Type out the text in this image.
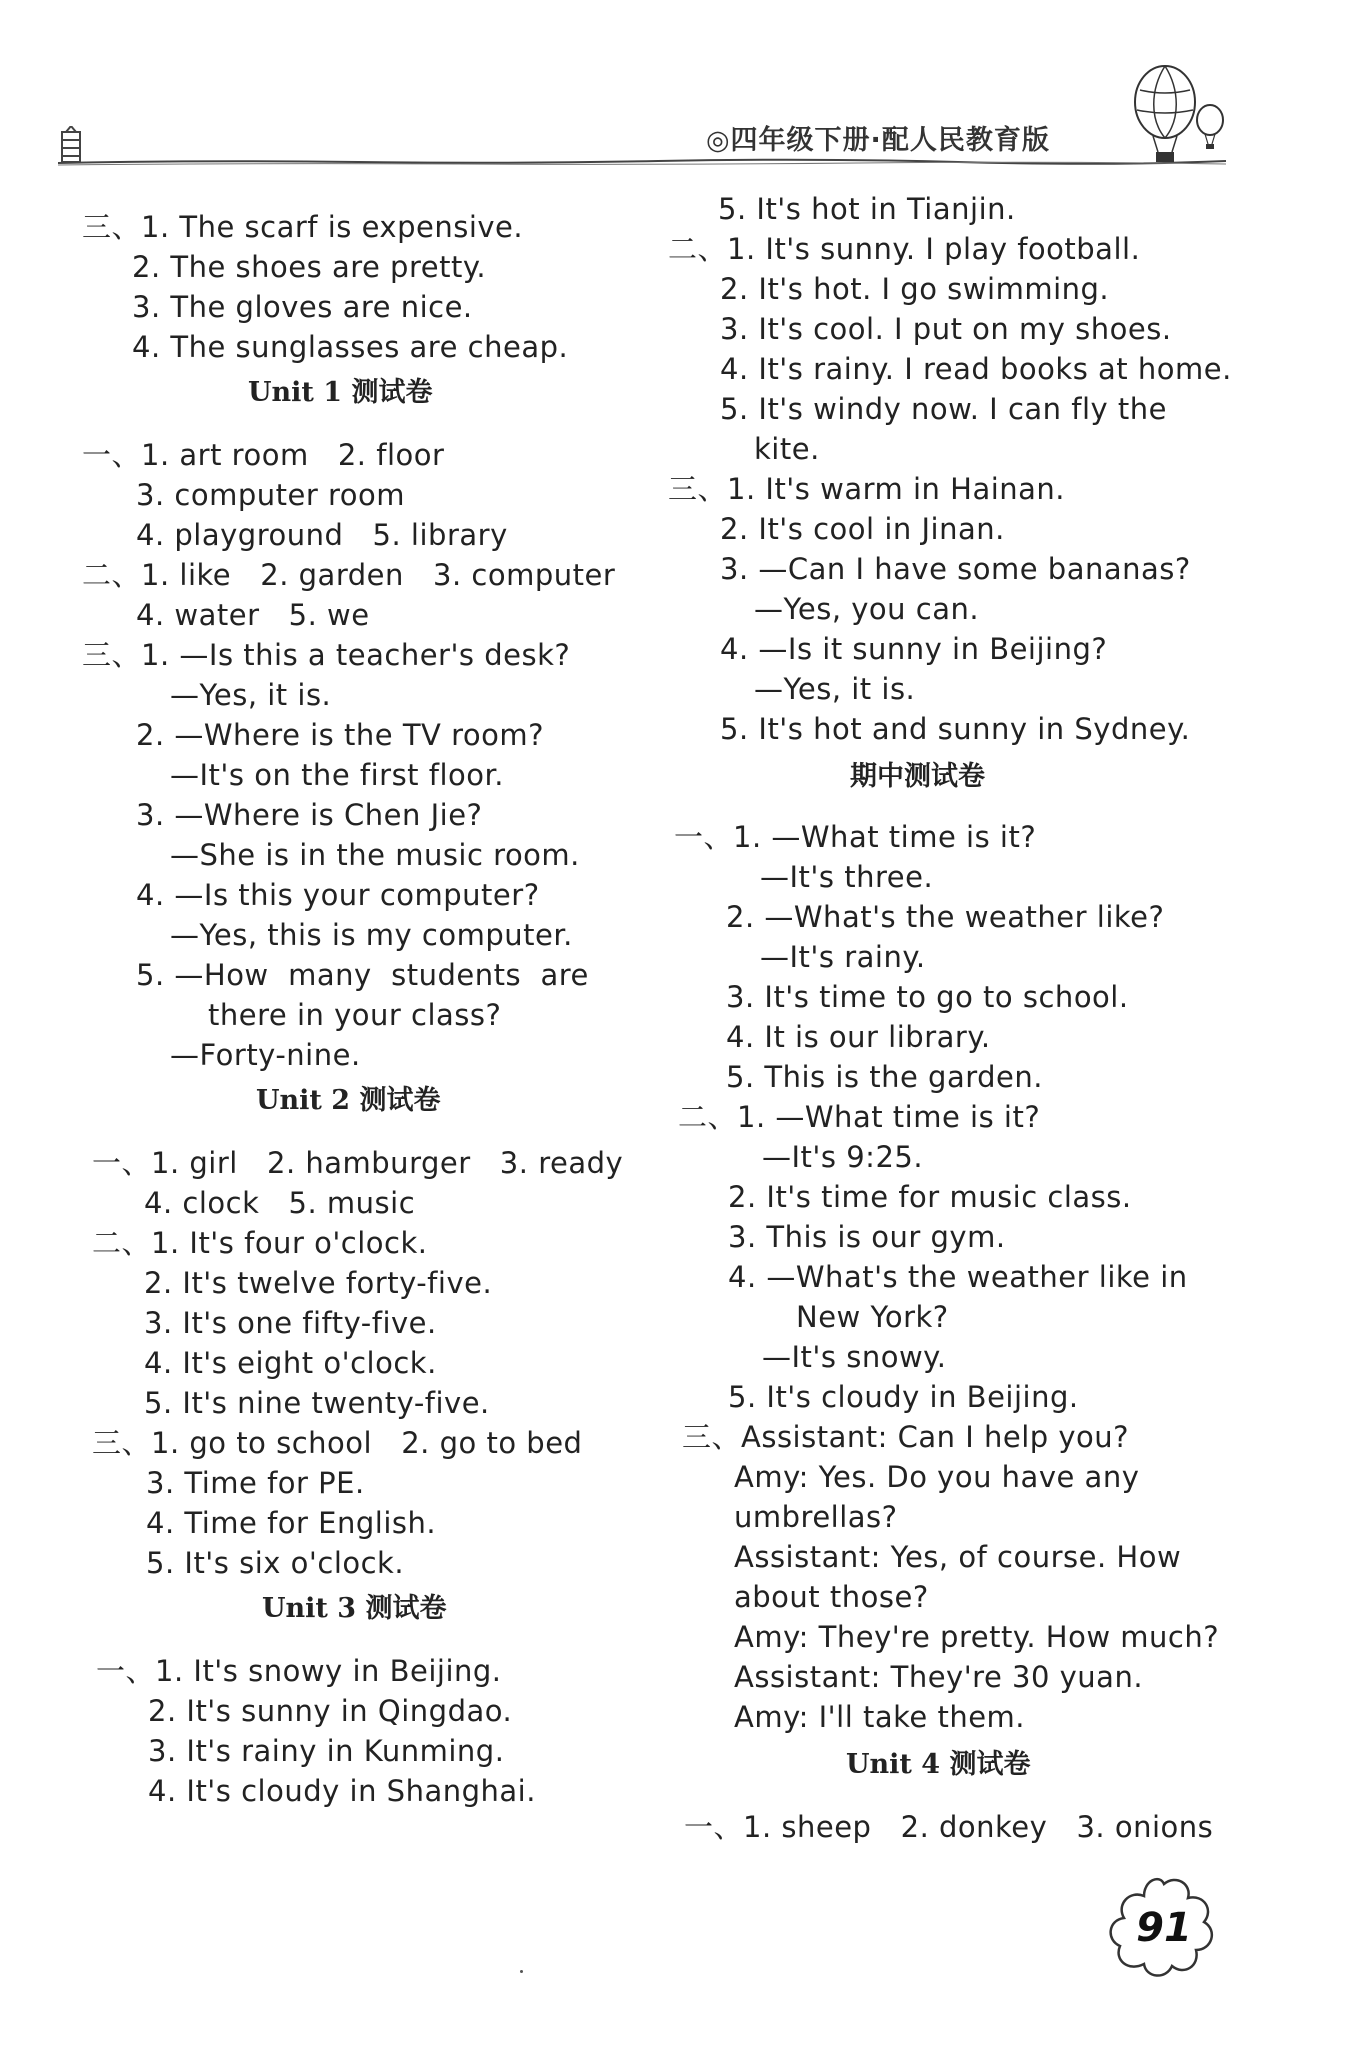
◎四年级下册·配人民教育版
三、1. The scarf is expensive.
2. The shoes are pretty.
3. The gloves are nice.
4. The sunglasses are cheap.
Unit 1 测试卷
一、1. art room   2. floor
3. computer room
4. playground   5. library
二、1. like   2. garden   3. computer
4. water   5. we
三、1. —Is this a teacher's desk?
—Yes, it is.
2. —Where is the TV room?
—It's on the first floor.
3. —Where is Chen Jie?
—She is in the music room.
4. —Is this your computer?
—Yes, this is my computer.
5. —How  many  students  are
there in your class?
—Forty-nine.
Unit 2 测试卷
一、1. girl   2. hamburger   3. ready
4. clock   5. music
二、1. It's four o'clock.
2. It's twelve forty-five.
3. It's one fifty-five.
4. It's eight o'clock.
5. It's nine twenty-five.
三、1. go to school   2. go to bed
3. Time for PE.
4. Time for English.
5. It's six o'clock.
Unit 3 测试卷
一、1. It's snowy in Beijing.
2. It's sunny in Qingdao.
3. It's rainy in Kunming.
4. It's cloudy in Shanghai.
5. It's hot in Tianjin.
二、1. It's sunny. I play football.
2. It's hot. I go swimming.
3. It's cool. I put on my shoes.
4. It's rainy. I read books at home.
5. It's windy now. I can fly the
kite.
三、1. It's warm in Hainan.
2. It's cool in Jinan.
3. —Can I have some bananas?
—Yes, you can.
4. —Is it sunny in Beijing?
—Yes, it is.
5. It's hot and sunny in Sydney.
期中测试卷
一、1. —What time is it?
—It's three.
2. —What's the weather like?
—It's rainy.
3. It's time to go to school.
4. It is our library.
5. This is the garden.
二、1. —What time is it?
—It's 9:25.
2. It's time for music class.
3. This is our gym.
4. —What's the weather like in
New York?
—It's snowy.
5. It's cloudy in Beijing.
三、Assistant: Can I help you?
Amy: Yes. Do you have any
umbrellas?
Assistant: Yes, of course. How
about those?
Amy: They're pretty. How much?
Assistant: They're 30 yuan.
Amy: I'll take them.
Unit 4 测试卷
一、1. sheep   2. donkey   3. onions
91
